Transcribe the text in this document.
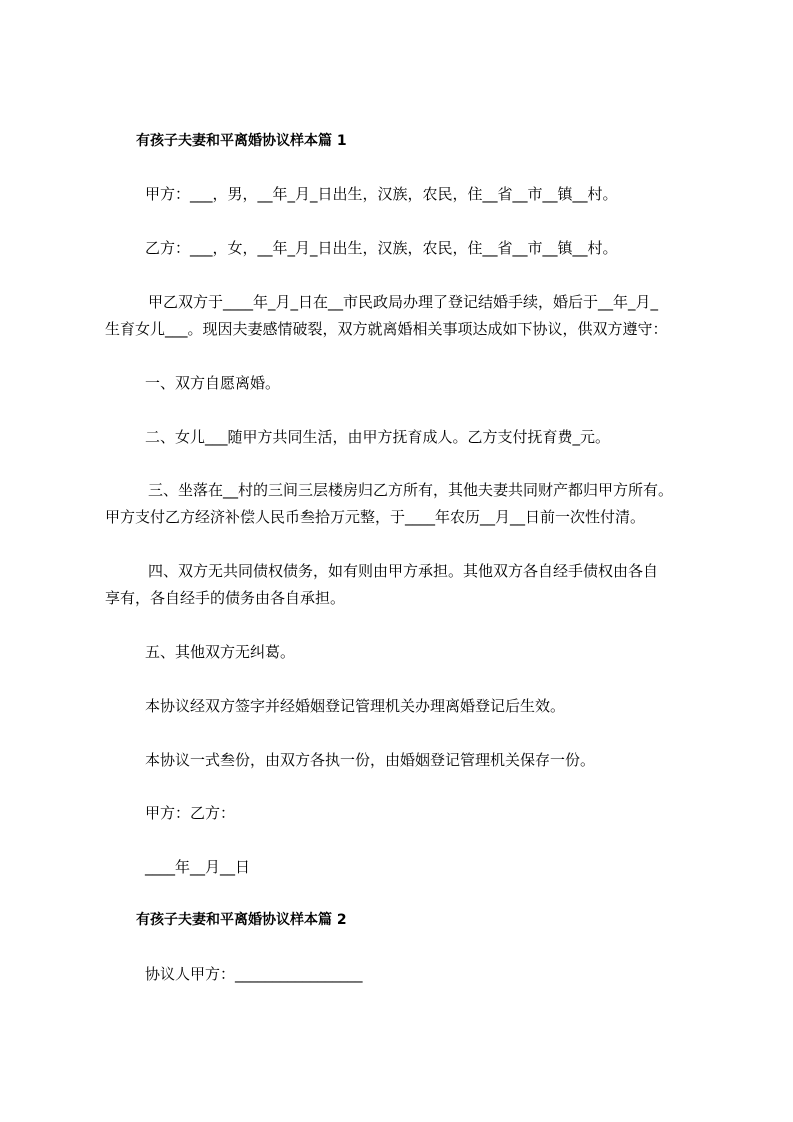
有孩子夫妻和平离婚协议样本篇 1
甲方：___，男，__年_月_日出生，汉族，农民，住__省__市__镇__村。
乙方：___，女，__年_月_日出生，汉族，农民，住__省__市__镇__村。
甲乙双方于____年_月_日在__市民政局办理了登记结婚手续，婚后于__年_月_
生育女儿___。现因夫妻感情破裂，双方就离婚相关事项达成如下协议，供双方遵守：
一、双方自愿离婚。
二、女儿___随甲方共同生活，由甲方抚育成人。乙方支付抚育费_元。
三、坐落在__村的三间三层楼房归乙方所有，其他夫妻共同财产都归甲方所有。
甲方支付乙方经济补偿人民币叁拾万元整，于____年农历__月__日前一次性付清。
四、双方无共同债权债务，如有则由甲方承担。其他双方各自经手债权由各自
享有，各自经手的债务由各自承担。
五、其他双方无纠葛。
本协议经双方签字并经婚姻登记管理机关办理离婚登记后生效。
本协议一式叁份，由双方各执一份，由婚姻登记管理机关保存一份。
甲方：乙方：
____年__月__日
有孩子夫妻和平离婚协议样本篇 2
协议人甲方：_________________
